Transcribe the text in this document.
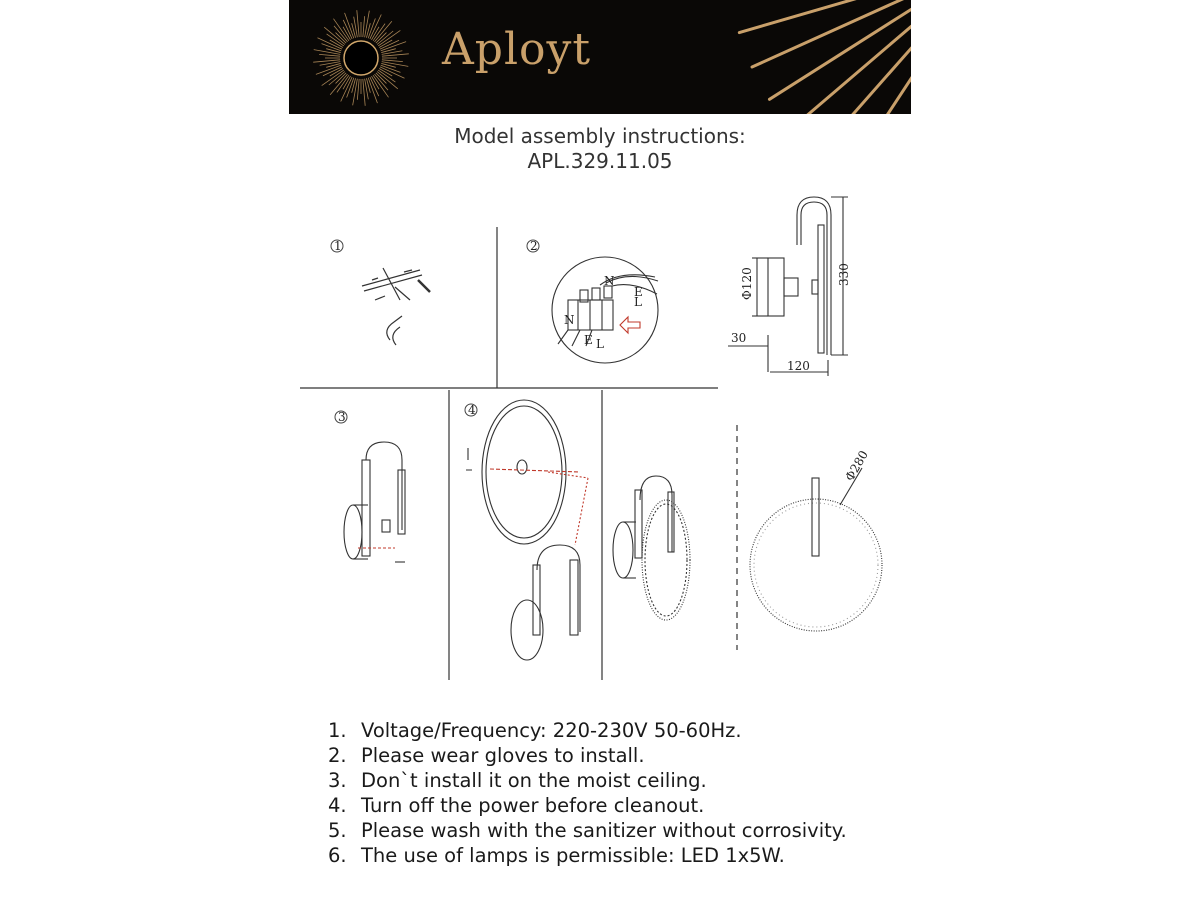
Aployt
Model assembly instructions:
APL.329.11.05
1	2
3	4
N
E
L
N
E L
Φ120	330
30
120
Φ280
1. Voltage/Frequency: 220-230V 50-60Hz.
2. Please wear gloves to install.
3. Don`t install it on the moist ceiling.
4. Turn off the power before cleanout.
5. Please wash with the sanitizer without corrosivity.
6. The use of lamps is permissible: LED 1x5W.
